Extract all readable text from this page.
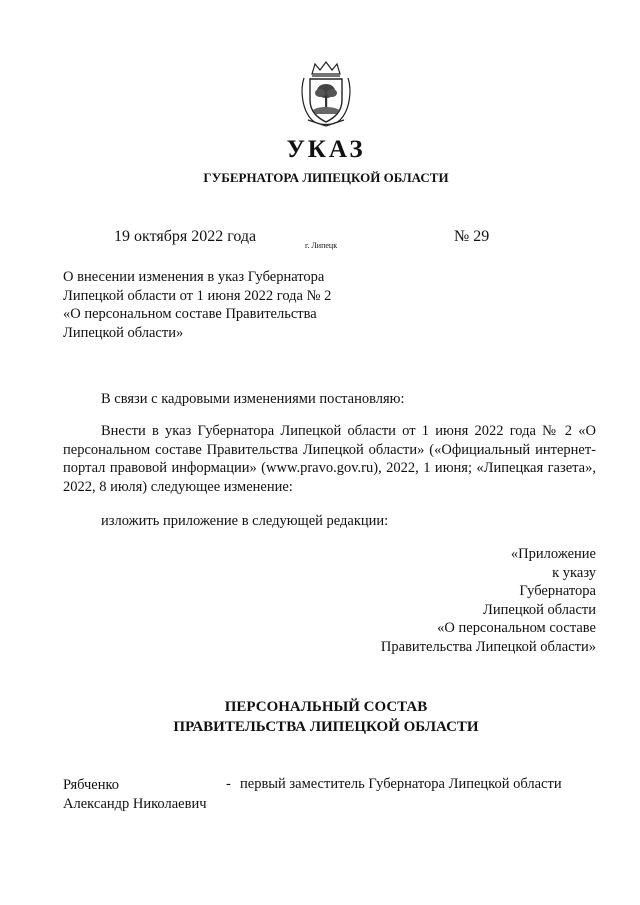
УКАЗ
ГУБЕРНАТОРА ЛИПЕЦКОЙ ОБЛАСТИ
19 октября 2022 года
г. Липецк
№ 29
О внесении изменения в указ Губернатора
Липецкой области от 1 июня 2022 года № 2
«О персональном составе Правительства
Липецкой области»
В связи с кадровыми изменениями постановляю:
Внести в указ Губернатора Липецкой области от 1 июня 2022 года № 2 «О персональном составе Правительства Липецкой области» («Официальный интернет-портал правовой информации» (www.pravo.gov.ru), 2022, 1 июня; «Липецкая газета», 2022, 8 июля) следующее изменение:
изложить приложение в следующей редакции:
«Приложение
к указу
Губернатора
Липецкой области
«О персональном составе
Правительства Липецкой области»
ПЕРСОНАЛЬНЫЙ СОСТАВ
ПРАВИТЕЛЬСТВА ЛИПЕЦКОЙ ОБЛАСТИ
Рябченко
Александр Николаевич
- первый заместитель Губернатора Липецкой области
